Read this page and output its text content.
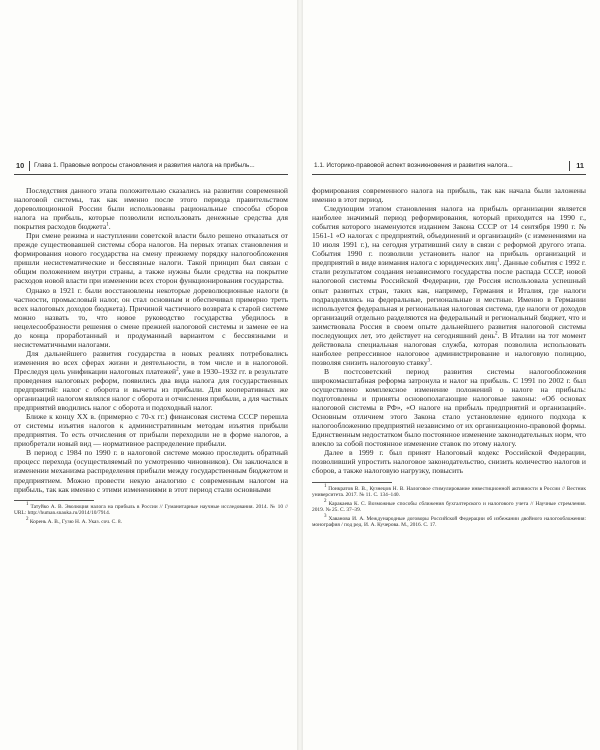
10 Глава 1. Правовые вопросы становления и развития налога на прибыль...

Последствия данного этапа положительно сказались на развитии современной налоговой системы, так как именно после этого периода правительством дореволюционной России были использованы рациональные способы сборов налога на прибыль, которые позволили использовать денежные средства для покрытия расходов бюджета$^1$.

При смене режима и наступлении советской власти было решено отказаться от прежде существовавшей системы сбора налогов. На первых этапах становления и формирования нового государства на смену прежнему порядку налогообложения пришли несистематические и бессвязные налоги. Такой принцип был связан с общим положением внутри страны, а также нужны были средства на покрытие расходов новой власти при изменении всех сторон функционирования государства.

Однако в 1921 г. были восстановлены некоторые дореволюционные налоги (в частности, промысловый налог, он стал основным и обеспечивал примерно треть всех налоговых доходов бюджета). Причиной частичного возврата к старой системе можно назвать то, что новое руководство государства убедилось в нецелесообразности решения о смене прежней налоговой системы и замене ее на до конца проработанный и продуманный вариантом с бессвязными и несистематичными налогами.

Для дальнейшего развития государства в новых реалиях потребовались изменения во всех сферах жизни и деятельности, в том числе и в налоговой. Преследуя цель унификации налоговых платежей$^2$, уже в 1930–1932 гг. в результате проведения налоговых реформ, появились два вида налога для государственных предприятий: налог с оборота и вычеты из прибыли. Для кооперативных же организаций налогом являлся налог с оборота и отчисления прибыли, а для частных предприятий вводились налог с оборота и подоходный налог.

Ближе к концу XX в. (примерно с 70-х гг.) финансовая система СССР перешла от системы изъятия налогов к административным методам изъятия прибыли предприятия. То есть отчисления от прибыли переходили не в форме налогов, а приобретали новый вид — нормативное распределение прибыли.

В период с 1984 по 1990 г. в налоговой системе можно проследить обратный процесс перехода (осуществляемый по усмотрению чиновников). Он заключался в изменении механизма распределения прибыли между государственным бюджетом и предприятием. Можно провести некую аналогию с современным налогом на прибыль, так как именно с этими изменениями в этот период стали основными

$^1$ Татуйко А. В. Эволюция налога на прибыль в России // Гуманитарные научные исследования. 2014. № 10 // URL: http://human.snauka.ru/2014/10/7914.

$^2$ Корень А. В., Гузю Н. А. Указ. соч. С. 8.

1.1. Историко-правовой аспект возникновения и развития налога...	11

формирования современного налога на прибыль, так как начала были заложены именно в этот период.

Следующим этапом становления налога на прибыль организации является наиболее значимый период реформирования, который приходится на 1990 г., события которого знаменуются изданием Закона СССР от 14 сентября 1990 г. № 1561-1 «О налогах с предприятий, объединений и организаций» (с изменениями на 10 июля 1991 г.), на сегодня утративший силу в связи с реформой другого этапа. События 1990 г. позволили установить налог на прибыль организаций и предприятий в виде взимания налога с юридических лиц$^1$. Данные события с 1992 г. стали результатом создания независимого государства после распада СССР, новой налоговой системы Российской Федерации, где Россия использовала успешный опыт развитых стран, таких как, например, Германия и Италия, где налоги подразделялись на федеральные, региональные и местные. Именно в Германии используется федеральная и региональная налоговая система, где налоги от доходов организаций отдельно разделяются на федеральный и региональный бюджет, что и заимствовала Россия в своем опыте дальнейшего развития налоговой системы последующих лет, это действует на сегодняшний день$^2$. В Италии на тот момент действовала специальная налоговая служба, которая позволила использовать наиболее репрессивное налоговое администрирование и налоговую полицию, позволяя снизить налоговую ставку$^3$.

В постсоветский период развития системы налогообложения широкомасштабная реформа затронула и налог на прибыль. С 1991 по 2002 г. был осуществлено комплексное изменение положений о налоге на прибыль: подготовлены и приняты основополагающие налоговые законы: «Об основах налоговой системы в РФ», «О налоге на прибыль предприятий и организаций». Основным отличием этого Закона стало установление единого подхода к налогообложению предприятий независимо от их организационно-правовой формы. Единственным недостатком было постоянное изменение законодательных норм, что влекло за собой постоянное изменение ставок по этому налогу.

Далее в 1999 г. был принят Налоговый кодекс Российской Федерации, позволивший упростить налоговое законодательство, снизить количество налогов и сборов, а также налоговую нагрузку, повысить

$^1$ Понкратов В. В., Кузнецов Н. В. Налоговое стимулирование инвестиционной активности в России // Вестник университета. 2017. № 11. С. 134–140.

$^2$ Каракаева К. С. Возможные способы сближения бухгалтерского и налогового учета // Научные стремления. 2019. № 25. С. 37–39.

$^3$ Хаванова И. А. Международные договоры Российской Федерации об избежании двойного налогообложения: монография / под ред. И. А. Кучерова. М., 2016. С. 17.
